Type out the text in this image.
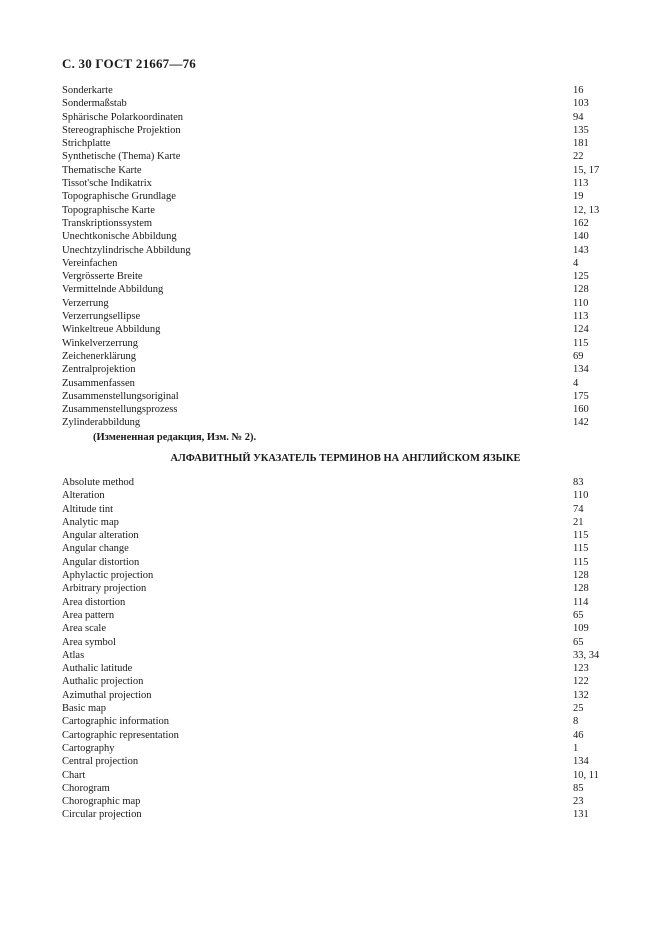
С. 30 ГОСТ 21667—76
Sonderkarte	16
Sondermaßstab	103
Sphärische Polarkoordinaten	94
Stereographische Projektion	135
Strichplatte	181
Synthetische (Thema) Karte	22
Thematische Karte	15, 17
Tissot'sche Indikatrix	113
Topographische Grundlage	19
Topographische Karte	12, 13
Transkriptionssystem	162
Unechtkonische Abbildung	140
Unechtzylindrische Abbildung	143
Vereinfachen	4
Vergrösserte Breite	125
Vermittelnde Abbildung	128
Verzerrung	110
Verzerrungsellipse	113
Winkeltreue Abbildung	124
Winkelverzerrung	115
Zeichenerklärung	69
Zentralprojektion	134
Zusammenfassen	4
Zusammenstellungsoriginal	175
Zusammenstellungsprozess	160
Zylinderabbildung	142
(Измененная редакция, Изм. № 2).
АЛФАВИТНЫЙ УКАЗАТЕЛЬ ТЕРМИНОВ НА АНГЛИЙСКОМ ЯЗЫКЕ
Absolute method	83
Alteration	110
Altitude tint	74
Analytic map	21
Angular alteration	115
Angular change	115
Angular distortion	115
Aphylactic projection	128
Arbitrary projection	128
Area distortion	114
Area pattern	65
Area scale	109
Area symbol	65
Atlas	33, 34
Authalic latitude	123
Authalic projection	122
Azimuthal projection	132
Basic map	25
Cartographic information	8
Cartographic representation	46
Cartography	1
Central projection	134
Chart	10, 11
Chorogram	85
Chorographic map	23
Circular projection	131
